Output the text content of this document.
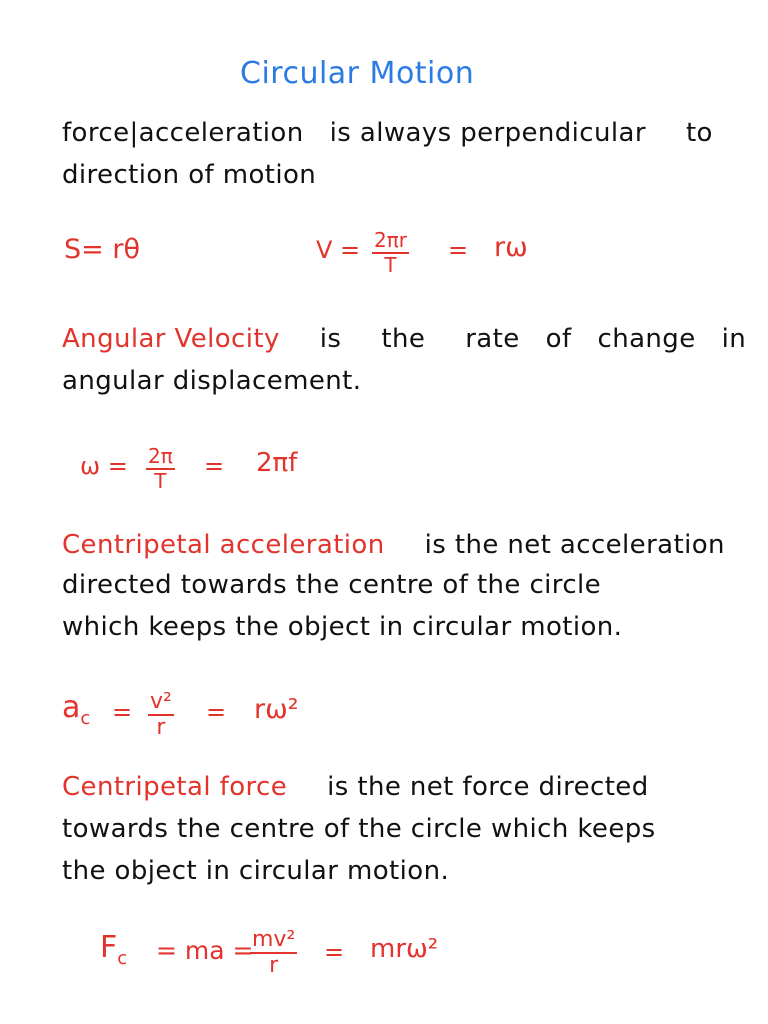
Circular Motion
force|acceleration is always perpendicular to
direction of motion
S= rθ	$V = \frac{2\pi r}{T} = r\omega$
Angular Velocity is the rate of change in
angular displacement.
$\omega = \frac{2\pi}{T} = 2\pi f$
Centripetal acceleration is the net acceleration
directed towards the centre of the circle
which keeps the object in circular motion.
$a_c = \frac{\text{v²}}{r} = r\omega^2$
Centripetal force is the net force directed
towards the centre of the circle which keeps
the object in circular motion.
$F_c$ = ma =
$\frac{\text{mv²}}{r} = mr\omega^2$
